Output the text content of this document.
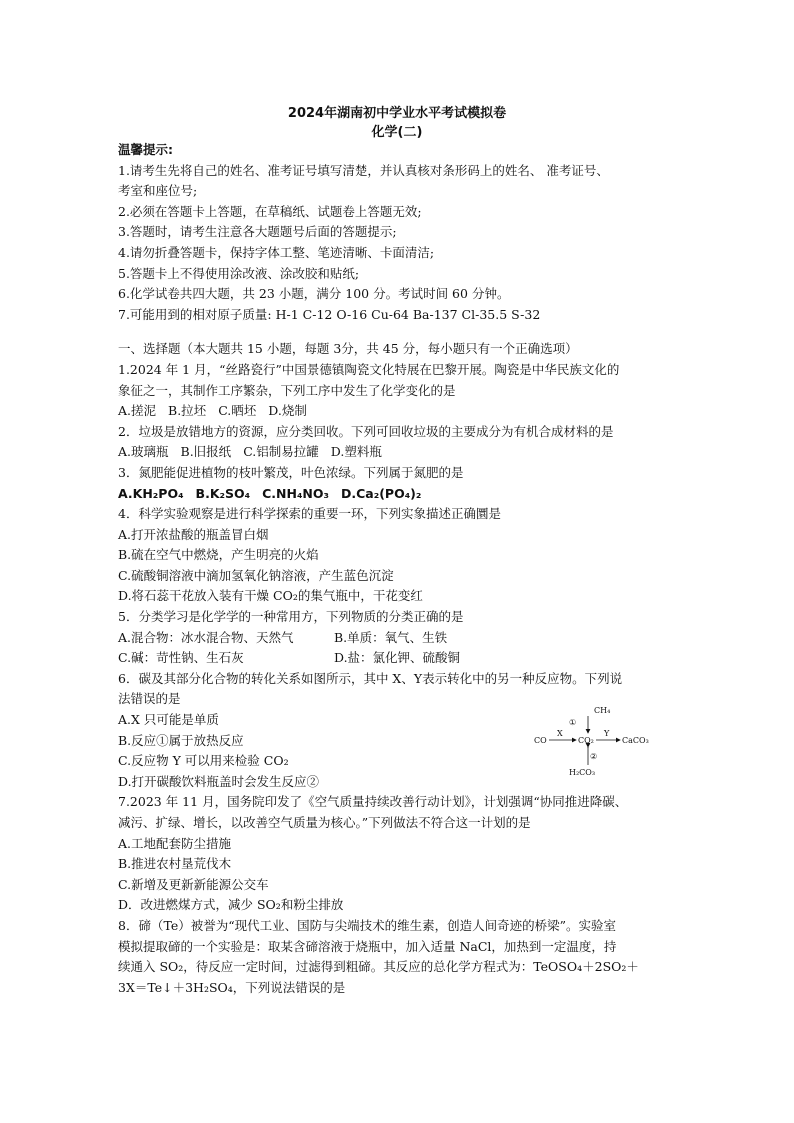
2024年湖南初中学业水平考试模拟卷
化学(二)
温馨提示:
1.请考生先将自己的姓名、准考证号填写清楚，并认真核对条形码上的姓名、 准考证号、
考室和座位号;
2.必须在答题卡上答题，在草稿纸、试题卷上答题无效;
3.答题时，请考生注意各大题题号后面的答题提示;
4.请勿折叠答题卡，保持字体工整、笔迹清晰、卡面清洁;
5.答题卡上不得使用涂改液、涂改胶和贴纸;
6.化学试卷共四大题，共 23 小题，满分 100 分。考试时间 60 分钟。
7.可能用到的相对原子质量: H-1 C-12 O-16 Cu-64 Ba-137 Cl-35.5 S-32
一、选择题（本大题共 15 小题，每题 3分，共 45 分，每小题只有一个正确选项）
1.2024 年 1 月，“丝路瓷行”中国景德镇陶瓷文化特展在巴黎开展。陶瓷是中华民族文化的
象征之一，其制作工序繁杂，下列工序中发生了化学变化的是
A.搓泥 B.拉坯 C.晒坯 D.烧制
2．垃圾是放错地方的资源，应分类回收。下列可回收垃圾的主要成分为有机合成材料的是
A.玻璃瓶 B.旧报纸 C.铝制易拉罐 D.塑料瓶
3．氮肥能促进植物的枝叶繁茂，叶色浓绿。下列属于氮肥的是
A.KH₂PO₄ B.K₂SO₄ C.NH₄NO₃ D.Ca₂(PO₄)₂
4．科学实验观察是进行科学探索的重要一环，下列实象描述正确圜是
A.打开浓盐酸的瓶盖冒白烟
B.硫在空气中燃烧，产生明亮的火焰
C.硫酸铜溶液中滴加氢氧化钠溶液，产生蓝色沉淀
D.将石蕊干花放入装有干燥 CO₂的集气瓶中，干花变红
5．分类学习是化学学的一种常用方，下列物质的分类正确的是
A.混合物：冰水混合物、天然气	B.单质：氧气、生铁
C.碱：苛性钠、生石灰	D.盐：氯化钾、硫酸铜
6．碳及其部分化合物的转化关系如图所示，其中 X、Y表示转化中的另一种反应物。下列说
法错误的是
A.X 只可能是单质
B.反应①属于放热反应
C.反应物 Y 可以用来检验 CO₂
D.打开碳酸饮料瓶盖时会发生反应②
7.2023 年 11 月，国务院印发了《空气质量持续改善行动计划》，计划强调“协同推进降碳、
减污、扩绿、增长，以改善空气质量为核心。”下列做法不符合这一计划的是
A.工地配套防尘措施
B.推进农村垦荒伐木
C.新增及更新新能源公交车
D．改进燃煤方式，减少 SO₂和粉尘排放
8．碲（Te）被誉为“现代工业、国防与尖端技术的维生素，创造人间奇迹的桥梁”。实验室
模拟提取碲的一个实验是：取某含碲溶液于烧瓶中，加入适量 NaCl，加热到一定温度，持
续通入 SO₂，待反应一定时间，过滤得到粗碲。其反应的总化学方程式为：TeOSO₄＋2SO₂＋
3X＝Te↓＋3H₂SO₄，下列说法错误的是
CH₄
①
CO
X
CO₂
Y
CaCO₃
②
H₂CO₃
